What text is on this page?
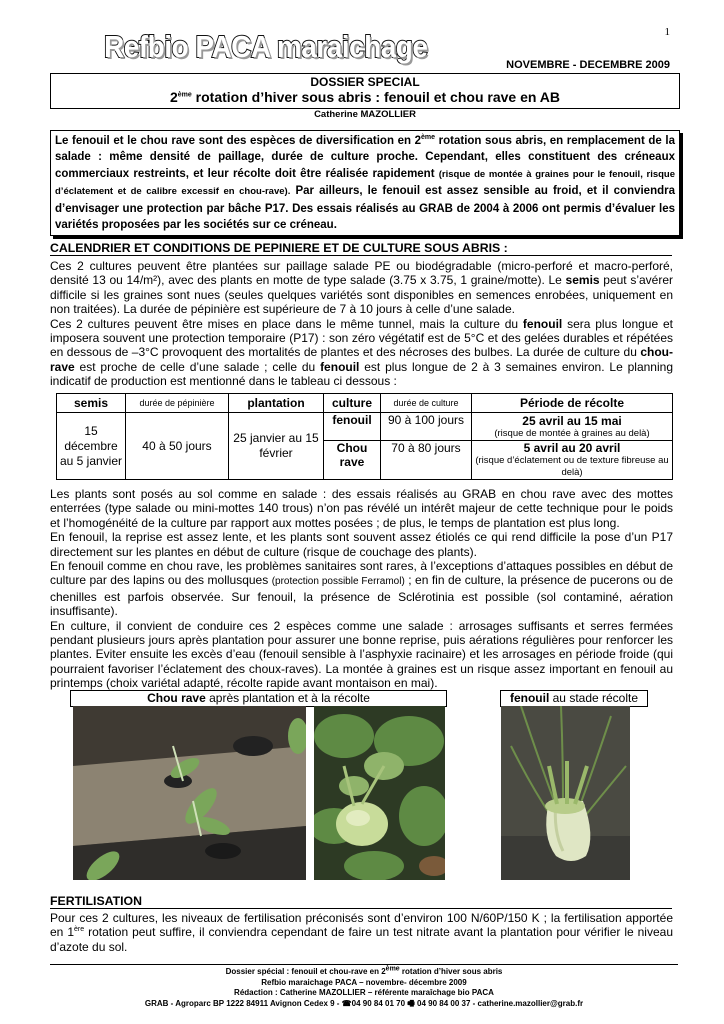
1
Refbio PACA maraichage
NOVEMBRE - DECEMBRE 2009
DOSSIER SPECIAL
2ème rotation d’hiver sous abris : fenouil et chou rave en AB
Catherine MAZOLLIER
Le fenouil et le chou rave sont des espèces de diversification en 2ème rotation sous abris, en remplacement de la salade : même densité de paillage, durée de culture proche. Cependant, elles constituent des créneaux commerciaux restreints, et leur récolte doit être réalisée rapidement (risque de montée à graines pour le fenouil, risque d’éclatement et de calibre excessif en chou-rave). Par ailleurs, le fenouil est assez sensible au froid, et il conviendra d’envisager une protection par bâche P17. Des essais réalisés au GRAB de 2004 à 2006 ont permis d’évaluer les variétés proposées par les sociétés sur ce créneau.
CALENDRIER ET CONDITIONS DE PEPINIERE ET DE CULTURE SOUS ABRIS :

Ces 2 cultures peuvent être plantées sur paillage salade PE ou biodégradable (micro-perforé et macro-perforé, densité 13 ou 14/m²), avec des plants en motte de type salade (3.75 x 3.75, 1 graine/motte). Le semis peut s’avérer difficile si les graines sont nues (seules quelques variétés sont disponibles en semences enrobées, uniquement en non traitées). La durée de pépinière est supérieure de 7 à 10 jours à celle d’une salade.

Ces 2 cultures peuvent être mises en place dans le même tunnel, mais la culture du fenouil sera plus longue et imposera souvent une protection temporaire (P17) : son zéro végétatif est de 5°C et des gelées durables et répétées en dessous de –3°C provoquent des mortalités de plantes et des nécroses des bulbes. La durée de culture du chou-rave est proche de celle d’une salade ; celle du fenouil est plus longue de 2 à 3 semaines environ. Le planning indicatif de production est mentionné dans le tableau ci dessous :

semis	durée de pépinière	plantation	culture	durée de culture	Période de récolte
15 décembre au 5 janvier	40 à 50 jours	25 janvier au 15 février	fenouil	90 à 100 jours	25 avril au 15 mai
(risque de montée à graines au delà)

			Chou rave	70 à 80 jours	5 avril au 20 avril
(risque d’éclatement ou de texture fibreuse au delà)

Les plants sont posés au sol comme en salade : des essais réalisés au GRAB en chou rave avec des mottes enterrées (type salade ou mini-mottes 140 trous) n’on pas révélé un intérêt majeur de cette technique pour le poids et l’homogénéité de la culture par rapport aux mottes posées ; de plus, le temps de plantation est plus long.

En fenouil, la reprise est assez lente, et les plants sont souvent assez étiolés ce qui rend difficile la pose d’un P17 directement sur les plantes en début de culture (risque de couchage des plants).

En fenouil comme en chou rave, les problèmes sanitaires sont rares, à l’exceptions d’attaques possibles en début de culture par des lapins ou des mollusques (protection possible Ferramol) ; en fin de culture, la présence de pucerons ou de chenilles est parfois observée. Sur fenouil, la présence de Sclérotinia est possible (sol contaminé, aération insuffisante).

En culture, il convient de conduire ces 2 espèces comme une salade : arrosages suffisants et serres fermées pendant plusieurs jours après plantation pour assurer une bonne reprise, puis aérations régulières pour renforcer les plantes. Eviter ensuite les excès d’eau (fenouil sensible à l’asphyxie racinaire) et les arrosages en période froide (qui pourraient favoriser l’éclatement des choux-raves). La montée à graines est un risque assez important en fenouil au printemps (choix variétal adapté, récolte rapide avant montaison en mai).

Chou rave après plantation et à la récolte	fenouil au stade récolte
FERTILISATION

Pour ces 2 cultures, les niveaux de fertilisation préconisés sont d’environ 100 N/60P/150 K ; la fertilisation apportée en 1ère rotation peut suffire, il conviendra cependant de faire un test nitrate avant la plantation pour vérifier le niveau d’azote du sol.

Dossier spécial : fenouil et chou-rave en 2ème rotation d’hiver sous abris
Refbio maraichage PACA – novembre- décembre 2009
Rédaction : Catherine MAZOLLIER – référente maraîchage bio PACA
GRAB - Agroparc BP 1222 84911 Avignon Cedex 9 - ☎04 90 84 01 70 🖷 04 90 84 00 37 - catherine.mazollier@grab.fr
